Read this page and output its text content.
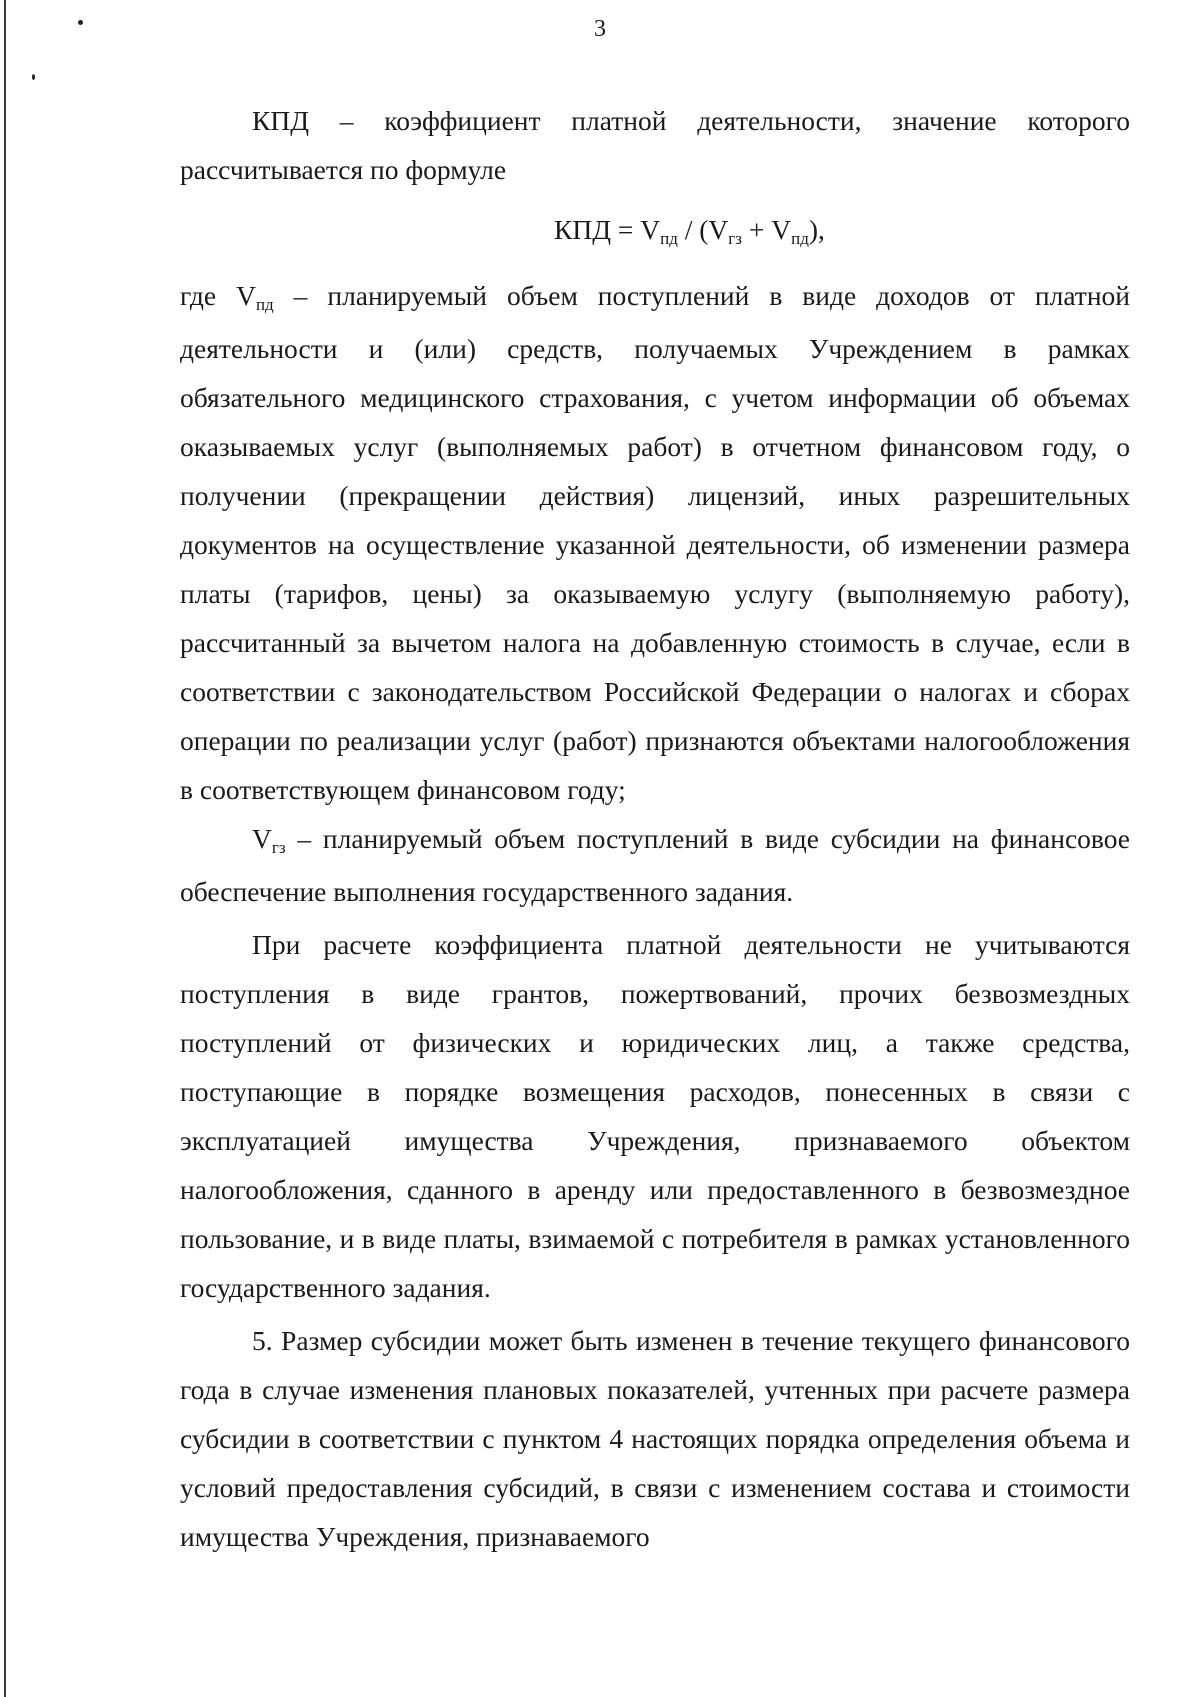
3

КПД – коэффициент платной деятельности, значение которого рассчитывается по формуле

КПД = $V_{пд} / (V_{гз} + V_{пд})$,

где $V_{пд}$ – планируемый объем поступлений в виде доходов от платной деятельности и (или) средств, получаемых Учреждением в рамках обязательного медицинского страхования, с учетом информации об объемах оказываемых услуг (выполняемых работ) в отчетном финансовом году, о получении (прекращении действия) лицензий, иных разрешительных документов на осуществление указанной деятельности, об изменении размера платы (тарифов, цены) за оказываемую услугу (выполняемую работу), рассчитанный за вычетом налога на добавленную стоимость в случае, если в соответствии с законодательством Российской Федерации о налогах и сборах операции по реализации услуг (работ) признаются объектами налогообложения в соответствующем финансовом году;

$V_{гз}$ – планируемый объем поступлений в виде субсидии на финансовое обеспечение выполнения государственного задания.

При расчете коэффициента платной деятельности не учитываются поступления в виде грантов, пожертвований, прочих безвозмездных поступлений от физических и юридических лиц, а также средства, поступающие в порядке возмещения расходов, понесенных в связи с эксплуатацией имущества Учреждения, признаваемого объектом налогообложения, сданного в аренду или предоставленного в безвозмездное пользование, и в виде платы, взимаемой с потребителя в рамках установленного государственного задания.

5. Размер субсидии может быть изменен в течение текущего финансового года в случае изменения плановых показателей, учтенных при расчете размера субсидии в соответствии с пунктом 4 настоящих порядка определения объема и условий предоставления субсидий, в связи с изменением состава и стоимости имущества Учреждения, признаваемого
